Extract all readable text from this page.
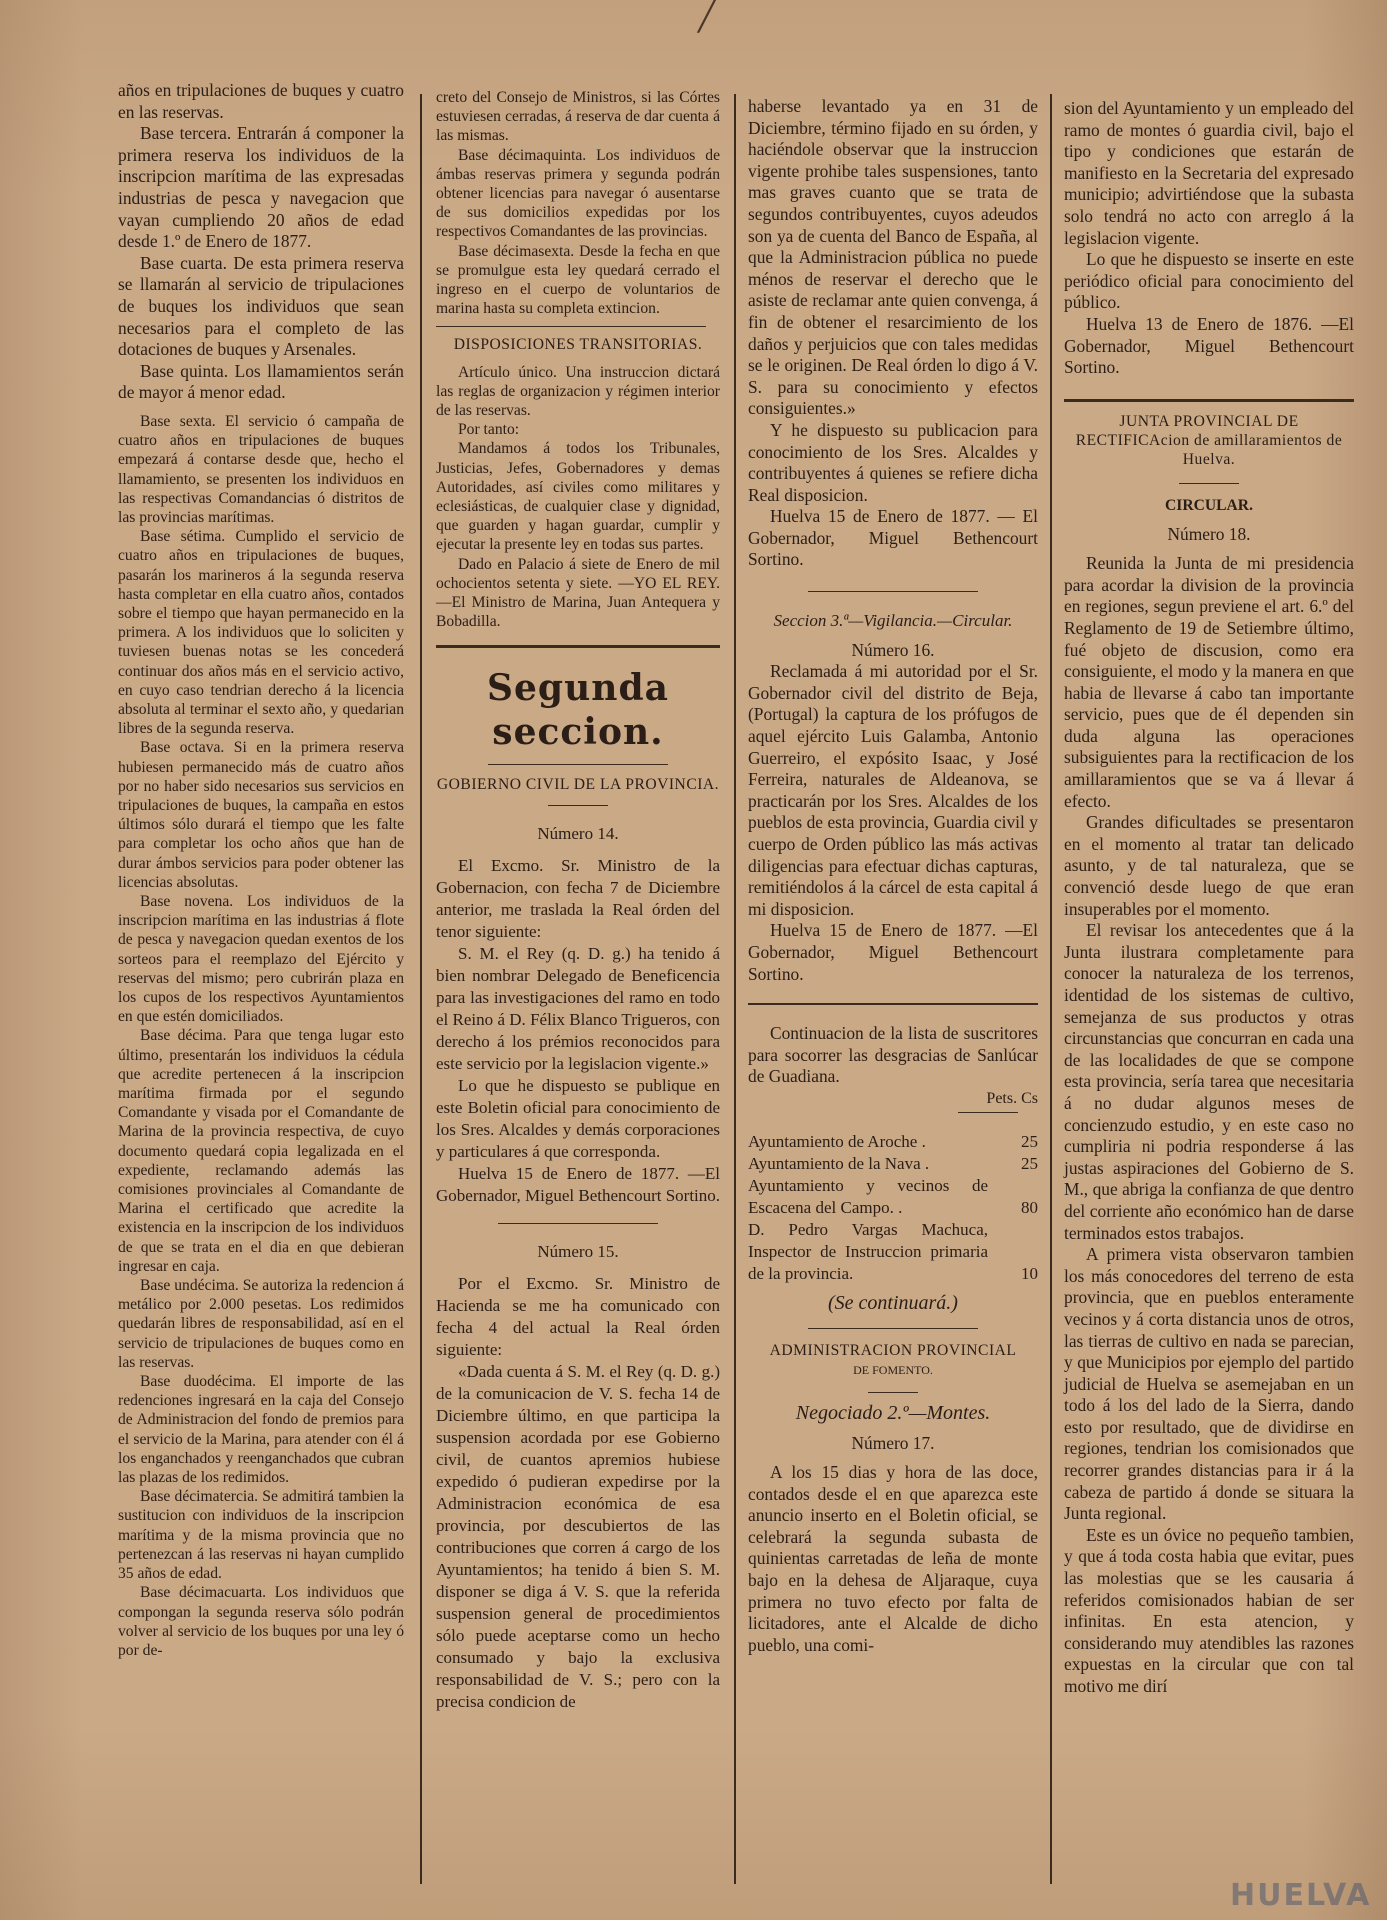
╱

años en tripulaciones de buques y cuatro en las reservas.

Base tercera. Entrarán á componer la primera reserva los individuos de la inscripcion marítima de las expresadas industrias de pesca y navegacion que vayan cumpliendo 20 años de edad desde 1.º de Enero de 1877.

Base cuarta. De esta primera reserva se llamarán al servicio de tripulaciones de buques los individuos que sean necesarios para el completo de las dotaciones de buques y Arsenales.

Base quinta. Los llamamientos serán de mayor á menor edad.

Base sexta. El servicio ó campaña de cuatro años en tripulaciones de buques empezará á contarse desde que, hecho el llamamiento, se presenten los individuos en las respectivas Comandancias ó distritos de las provincias marítimas.

Base sétima. Cumplido el servicio de cuatro años en tripulaciones de buques, pasarán los marineros á la segunda reserva hasta completar en ella cuatro años, contados sobre el tiempo que hayan permanecido en la primera. A los individuos que lo soliciten y tuviesen buenas notas se les concederá continuar dos años más en el servicio activo, en cuyo caso tendrian derecho á la licencia absoluta al terminar el sexto año, y quedarian libres de la segunda reserva.

Base octava. Si en la primera reserva hubiesen permanecido más de cuatro años por no haber sido necesarios sus servicios en tripulaciones de buques, la campaña en estos últimos sólo durará el tiempo que les falte para completar los ocho años que han de durar ámbos servicios para poder obtener las licencias absolutas.

Base novena. Los individuos de la inscripcion marítima en las industrias á flote de pesca y navegacion quedan exentos de los sorteos para el reemplazo del Ejército y reservas del mismo; pero cubrirán plaza en los cupos de los respectivos Ayuntamientos en que estén domiciliados.

Base décima. Para que tenga lugar esto último, presentarán los individuos la cédula que acredite pertenecen á la inscripcion marítima firmada por el segundo Comandante y visada por el Comandante de Marina de la provincia respectiva, de cuyo documento quedará copia legalizada en el expediente, reclamando además las comisiones provinciales al Comandante de Marina el certificado que acredite la existencia en la inscripcion de los individuos de que se trata en el dia en que debieran ingresar en caja.

Base undécima. Se autoriza la redencion á metálico por 2.000 pesetas. Los redimidos quedarán libres de responsabilidad, así en el servicio de tripulaciones de buques como en las reservas.

Base duodécima. El importe de las redenciones ingresará en la caja del Consejo de Administracion del fondo de premios para el servicio de la Marina, para atender con él á los enganchados y reenganchados que cubran las plazas de los redimidos.

Base décimatercia. Se admitirá tambien la sustitucion con individuos de la inscripcion marítima y de la misma provincia que no pertenezcan á las reservas ni hayan cumplido 35 años de edad.

Base décimacuarta. Los individuos que compongan la segunda reserva sólo podrán volver al servicio de los buques por una ley ó por de-

creto del Consejo de Ministros, si las Córtes estuviesen cerradas, á reserva de dar cuenta á las mismas.

Base décimaquinta. Los individuos de ámbas reservas primera y segunda podrán obtener licencias para navegar ó ausentarse de sus domicilios expedidas por los respectivos Comandantes de las provincias.

Base décimasexta. Desde la fecha en que se promulgue esta ley quedará cerrado el ingreso en el cuerpo de voluntarios de marina hasta su completa extincion.

DISPOSICIONES TRANSITORIAS.

Artículo único. Una instruccion dictará las reglas de organizacion y régimen interior de las reservas.

Por tanto:

Mandamos á todos los Tribunales, Justicias, Jefes, Gobernadores y demas Autoridades, así civiles como militares y eclesiásticas, de cualquier clase y dignidad, que guarden y hagan guardar, cumplir y ejecutar la presente ley en todas sus partes.

Dado en Palacio á siete de Enero de mil ochocientos setenta y siete. —YO EL REY.—El Ministro de Marina, Juan Antequera y Bobadilla.

Segunda seccion.

GOBIERNO CIVIL DE LA PROVINCIA.

Número 14.

El Excmo. Sr. Ministro de la Gobernacion, con fecha 7 de Diciembre anterior, me traslada la Real órden del tenor siguiente:

S. M. el Rey (q. D. g.) ha tenido á bien nombrar Delegado de Beneficencia para las investigaciones del ramo en todo el Reino á D. Félix Blanco Trigueros, con derecho á los prémios reconocidos para este servicio por la legislacion vigente.»

Lo que he dispuesto se publique en este Boletin oficial para conocimiento de los Sres. Alcaldes y demás corporaciones y particulares á que corresponda.

Huelva 15 de Enero de 1877. —El Gobernador, Miguel Bethencourt Sortino.

Número 15.

Por el Excmo. Sr. Ministro de Hacienda se me ha comunicado con fecha 4 del actual la Real órden siguiente:

«Dada cuenta á S. M. el Rey (q. D. g.) de la comunicacion de V. S. fecha 14 de Diciembre último, en que participa la suspension acordada por ese Gobierno civil, de cuantos apremios hubiese expedido ó pudieran expedirse por la Administracion económica de esa provincia, por descubiertos de las contribuciones que corren á cargo de los Ayuntamientos; ha tenido á bien S. M. disponer se diga á V. S. que la referida suspension general de procedimientos sólo puede aceptarse como un hecho consumado y bajo la exclusiva responsabilidad de V. S.; pero con la precisa condicion de

haberse levantado ya en 31 de Diciembre, término fijado en su órden, y haciéndole observar que la instruccion vigente prohibe tales suspensiones, tanto mas graves cuanto que se trata de segundos contribuyentes, cuyos adeudos son ya de cuenta del Banco de España, al que la Administracion pública no puede ménos de reservar el derecho que le asiste de reclamar ante quien convenga, á fin de obtener el resarcimiento de los daños y perjuicios que con tales medidas se le originen. De Real órden lo digo á V. S. para su conocimiento y efectos consiguientes.»

Y he dispuesto su publicacion para conocimiento de los Sres. Alcaldes y contribuyentes á quienes se refiere dicha Real disposicion.

Huelva 15 de Enero de 1877. — El Gobernador, Miguel Bethencourt Sortino.

Seccion 3.ª—Vigilancia.—Circular.

Número 16.

Reclamada á mi autoridad por el Sr. Gobernador civil del distrito de Beja, (Portugal) la captura de los prófugos de aquel ejército Luis Galamba, Antonio Guerreiro, el expósito Isaac, y José Ferreira, naturales de Aldeanova, se practicarán por los Sres. Alcaldes de los pueblos de esta provincia, Guardia civil y cuerpo de Orden público las más activas diligencias para efectuar dichas capturas, remitiéndolos á la cárcel de esta capital á mi disposicion.

Huelva 15 de Enero de 1877. —El Gobernador, Miguel Bethencourt Sortino.

Continuacion de la lista de suscritores para socorrer las desgracias de Sanlúcar de Guadiana.

Pets. Cs

Ayuntamiento de Aroche .	25
Ayuntamiento de la Nava .	25
Ayuntamiento y vecinos de Escacena del Campo. .	80
D. Pedro Vargas Machuca, Inspector de Instruccion primaria de la provincia.	10

(Se continuará.)

ADMINISTRACION PROVINCIAL

DE FOMENTO.

Negociado 2.º—Montes.

Número 17.

A los 15 dias y hora de las doce, contados desde el en que aparezca este anuncio inserto en el Boletin oficial, se celebrará la segunda subasta de quinientas carretadas de leña de monte bajo en la dehesa de Aljaraque, cuya primera no tuvo efecto por falta de licitadores, ante el Alcalde de dicho pueblo, una comi-

sion del Ayuntamiento y un empleado del ramo de montes ó guardia civil, bajo el tipo y condiciones que estarán de manifiesto en la Secretaria del expresado municipio; advirtiéndose que la subasta solo tendrá no acto con arreglo á la legislacion vigente.

Lo que he dispuesto se inserte en este periódico oficial para conocimiento del público.

Huelva 13 de Enero de 1876. —El Gobernador, Miguel Bethencourt Sortino.

JUNTA PROVINCIAL DE RECTIFICAcion de amillaramientos de Huelva.

CIRCULAR.

Número 18.

Reunida la Junta de mi presidencia para acordar la division de la provincia en regiones, segun previene el art. 6.º del Reglamento de 19 de Setiembre último, fué objeto de discusion, como era consiguiente, el modo y la manera en que habia de llevarse á cabo tan importante servicio, pues que de él dependen sin duda alguna las operaciones subsiguientes para la rectificacion de los amillaramientos que se va á llevar á efecto.

Grandes dificultades se presentaron en el momento al tratar tan delicado asunto, y de tal naturaleza, que se convenció desde luego de que eran insuperables por el momento.

El revisar los antecedentes que á la Junta ilustrara completamente para conocer la naturaleza de los terrenos, identidad de los sistemas de cultivo, semejanza de sus productos y otras circunstancias que concurran en cada una de las localidades de que se compone esta provincia, sería tarea que necesitaria á no dudar algunos meses de concienzudo estudio, y en este caso no cumpliria ni podria responderse á las justas aspiraciones del Gobierno de S. M., que abriga la confianza de que dentro del corriente año económico han de darse terminados estos trabajos.

A primera vista observaron tambien los más conocedores del terreno de esta provincia, que en pueblos enteramente vecinos y á corta distancia unos de otros, las tierras de cultivo en nada se parecian, y que Municipios por ejemplo del partido judicial de Huelva se asemejaban en un todo á los del lado de la Sierra, dando esto por resultado, que de dividirse en regiones, tendrian los comisionados que recorrer grandes distancias para ir á la cabeza de partido á donde se situara la Junta regional.

Este es un óvice no pequeño tambien, y que á toda costa habia que evitar, pues las molestias que se les causaria á referidos comisionados habian de ser infinitas. En esta atencion, y considerando muy atendibles las razones expuestas en la circular que con tal motivo me dirí

HUELVA
